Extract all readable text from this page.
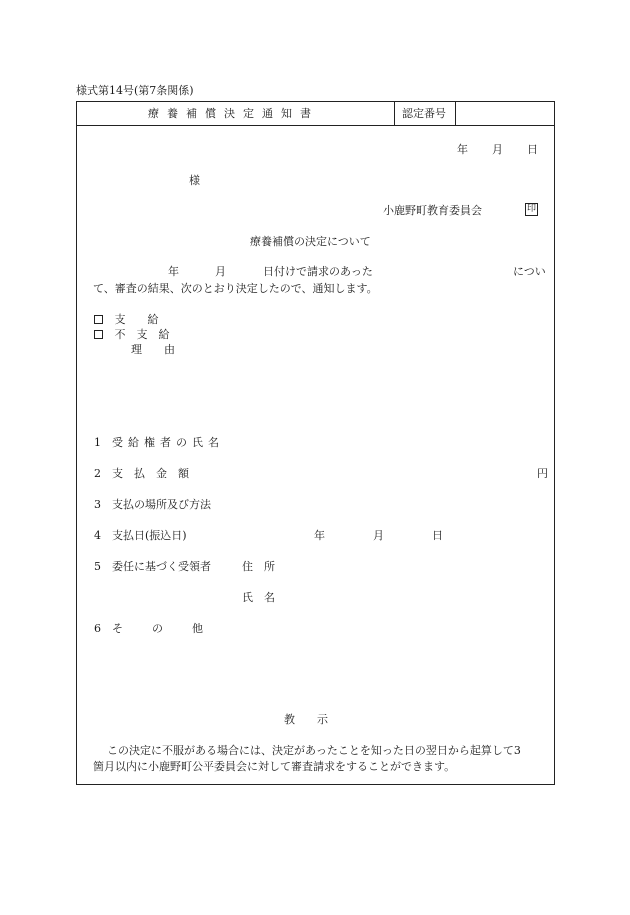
様式第14号(第7条関係)
療養補償決定通知書	認定番号
年 月 日
様
小鹿野町教育委員会	印
療養補償の決定について
年	月	日付けで請求のあった	につい
て、審査の結果、次のとおり決定したので、通知します。
支　　給
不　支　給
理　　由
1 受給権者の氏名
2 支　払　金　額	円
3 支払の場所及び方法
4 支払日(振込日)	年	月	日
5 委任に基づく受領者	住　所
氏　名
6 そ　の　他
教　　示
この決定に不服がある場合には、決定があったことを知った日の翌日から起算して3
箇月以内に小鹿野町公平委員会に対して審査請求をすることができます。
